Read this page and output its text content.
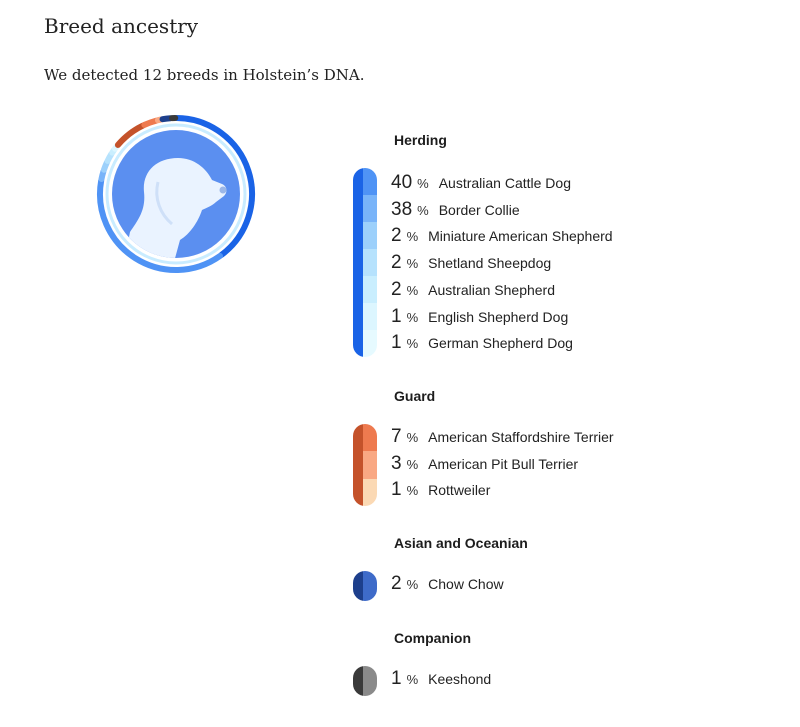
Breed ancestry
We detected 12 breeds in Holstein’s DNA.
Herding
40 % Australian Cattle Dog
38 % Border Collie
2 % Miniature American Shepherd
2 % Shetland Sheepdog
2 % Australian Shepherd
1 % English Shepherd Dog
1 % German Shepherd Dog
Guard
7 % American Staffordshire Terrier
3 % American Pit Bull Terrier
1 % Rottweiler
Asian and Oceanian
2 % Chow Chow
Companion
1 % Keeshond
